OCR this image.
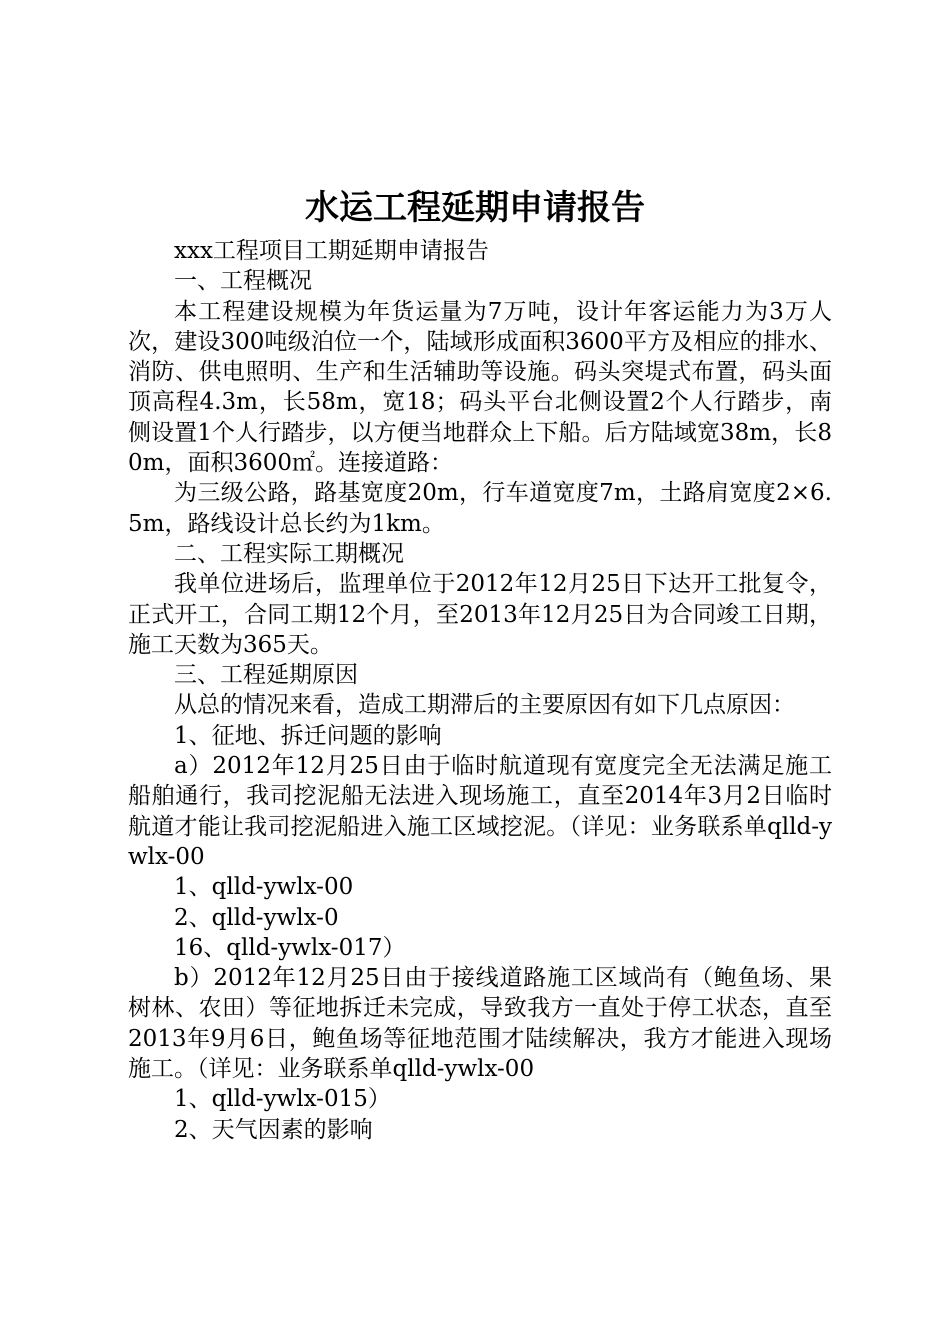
水运工程延期申请报告

xxx工程项目工期延期申请报告

一、工程概况

本工程建设规模为年货运量为7万吨，设计年客运能力为3万人次，建设300吨级泊位一个，陆域形成面积3600平方及相应的排水、消防、供电照明、生产和生活辅助等设施。码头突堤式布置，码头面顶高程4.3m，长58m，宽18；码头平台北侧设置2个人行踏步，南侧设置1个人行踏步，以方便当地群众上下船。后方陆域宽38m，长80m，面积3600㎡。连接道路：

为三级公路，路基宽度20m，行车道宽度7m，土路肩宽度2×6.5m，路线设计总长约为1km。

二、工程实际工期概况

我单位进场后，监理单位于2012年12月25日下达开工批复令，正式开工，合同工期12个月，至2013年12月25日为合同竣工日期，施工天数为365天。

三、工程延期原因

从总的情况来看，造成工期滞后的主要原因有如下几点原因：

1、征地、拆迁问题的影响

a）2012年12月25日由于临时航道现有宽度完全无法满足施工船舶通行，我司挖泥船无法进入现场施工，直至2014年3月2日临时航道才能让我司挖泥船进入施工区域挖泥。（详见：业务联系单qlld-ywlx-00

1、qlld-ywlx-00

2、qlld-ywlx-0

16、qlld-ywlx-017）

b）2012年12月25日由于接线道路施工区域尚有（鲍鱼场、果树林、农田）等征地拆迁未完成，导致我方一直处于停工状态，直至2013年9月6日，鲍鱼场等征地范围才陆续解决，我方才能进入现场施工。（详见：业务联系单qlld-ywlx-00

1、qlld-ywlx-015）

2、天气因素的影响
